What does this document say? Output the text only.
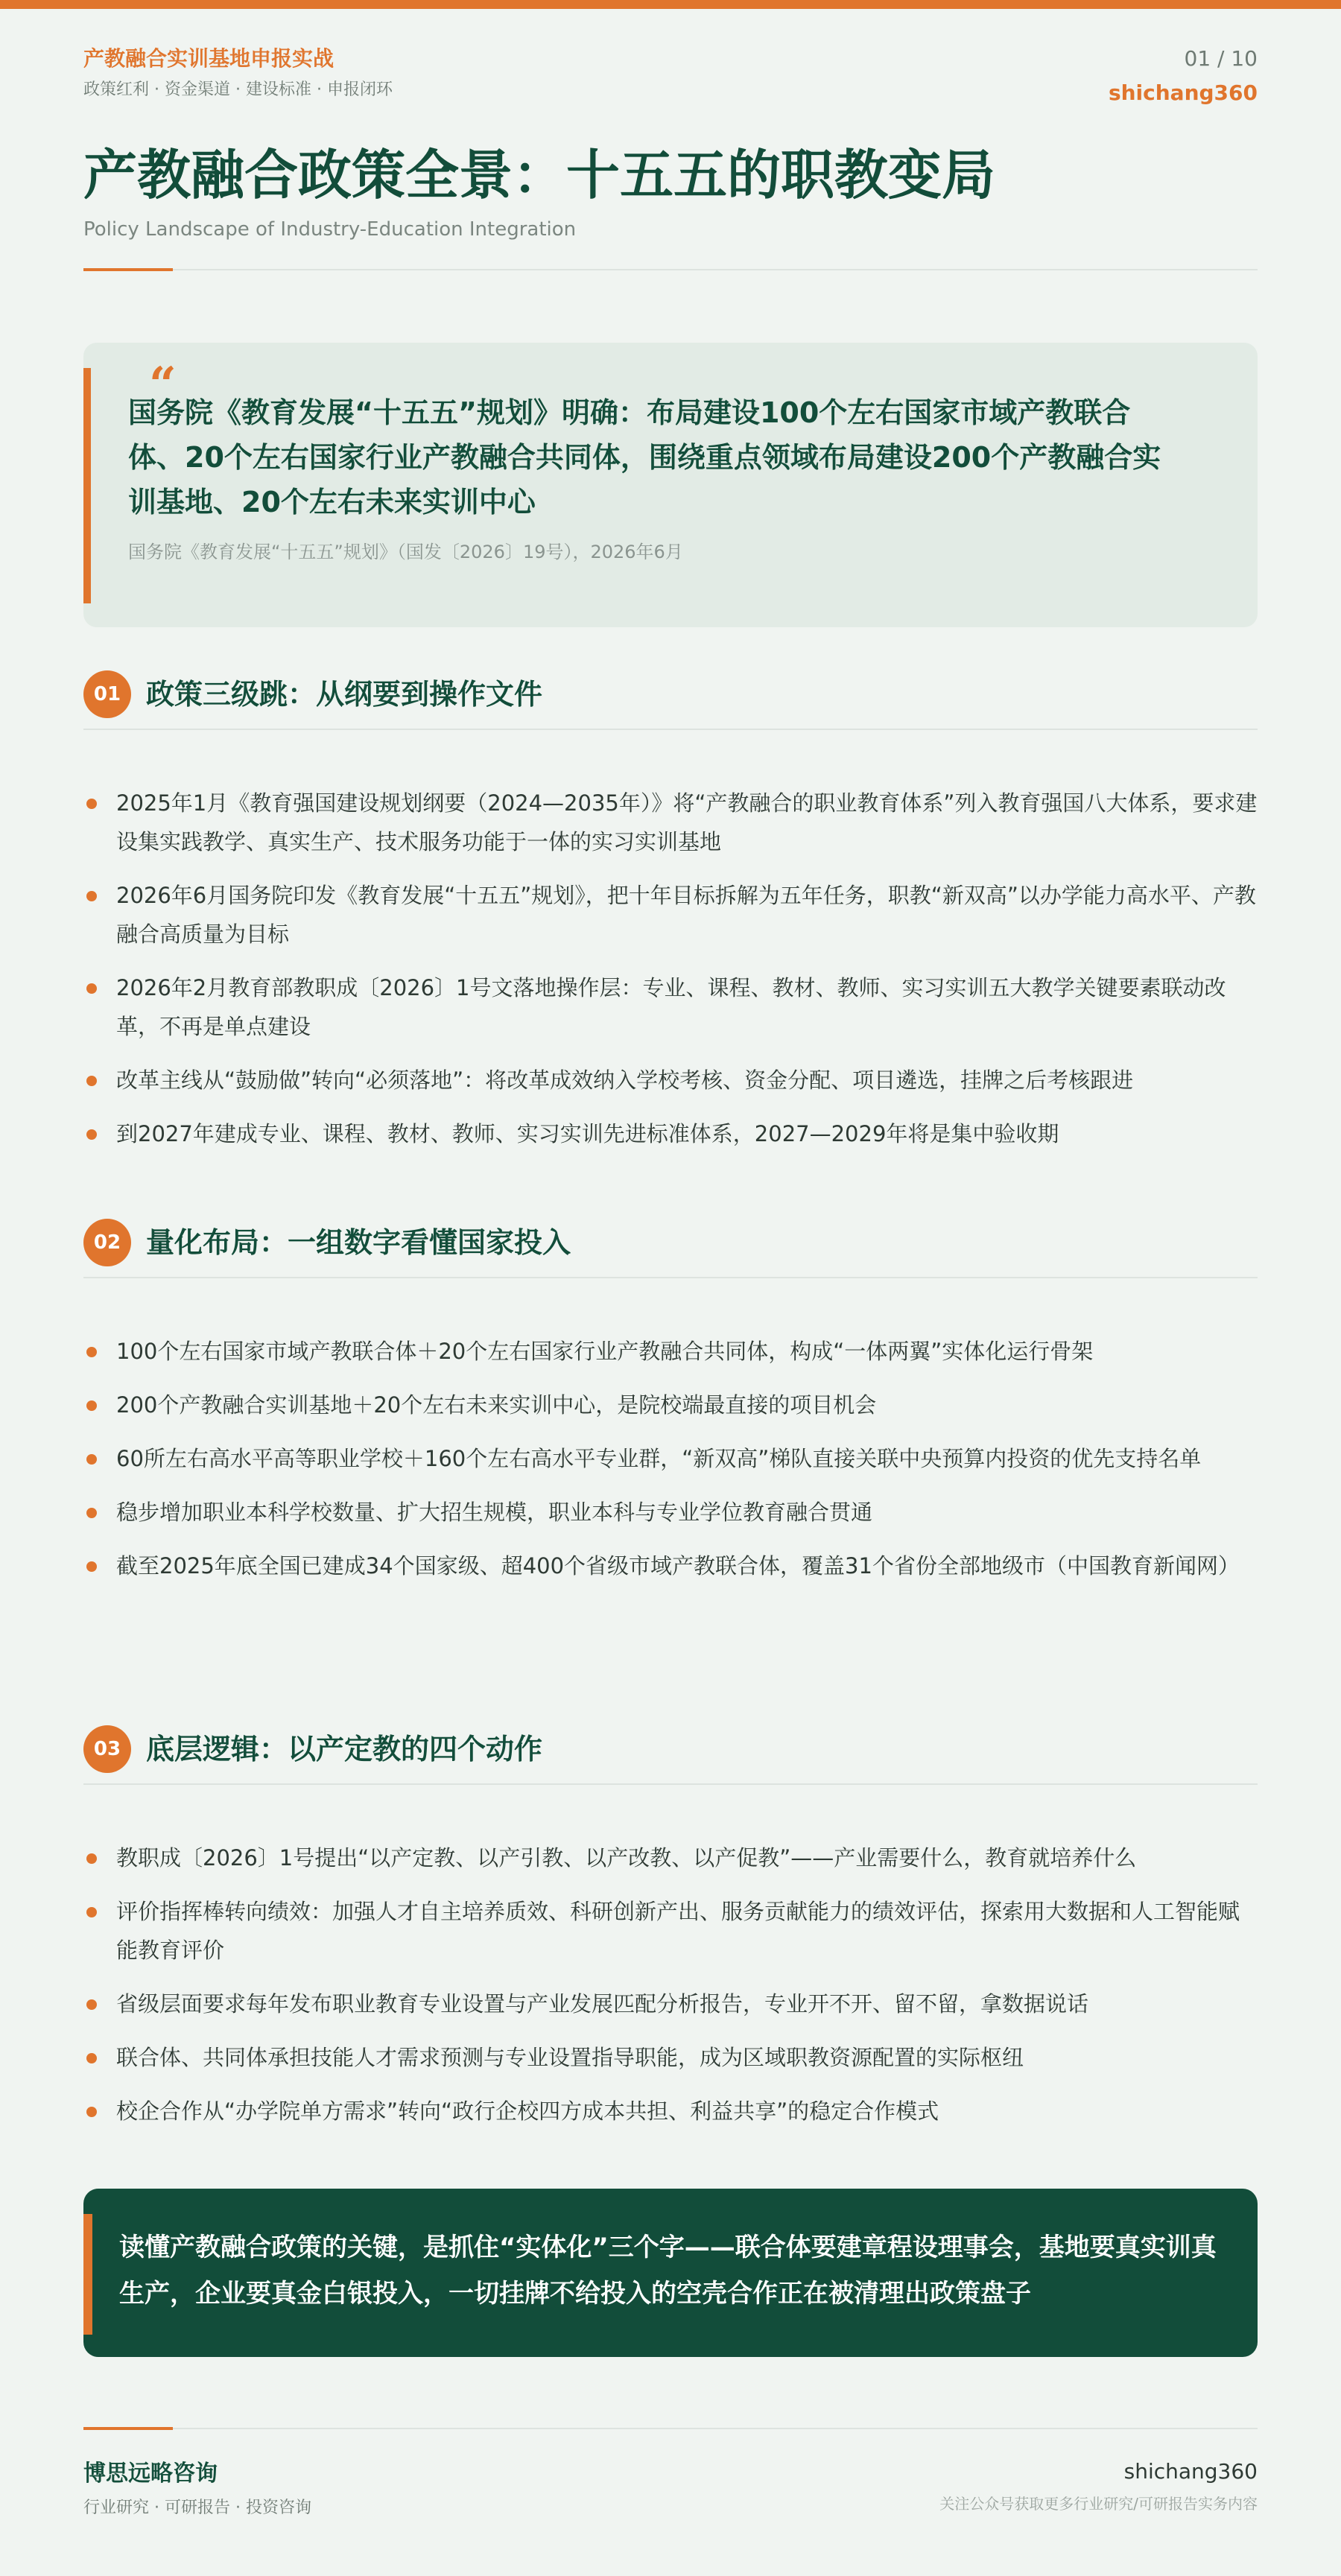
产教融合实训基地申报实战
政策红利 · 资金渠道 · 建设标准 · 申报闭环
01 / 10
shichang360
产教融合政策全景：十五五的职教变局
Policy Landscape of Industry-Education Integration
“
国务院《教育发展“十五五”规划》明确：布局建设100个左右国家市域产教联合体、20个左右国家行业产教融合共同体，围绕重点领域布局建设200个产教融合实训基地、20个左右未来实训中心
国务院《教育发展“十五五”规划》（国发〔2026〕19号），2026年6月
01 政策三级跳：从纲要到操作文件
2025年1月《教育强国建设规划纲要（2024—2035年）》将“产教融合的职业教育体系”列入教育强国八大体系，要求建设集实践教学、真实生产、技术服务功能于一体的实习实训基地
2026年6月国务院印发《教育发展“十五五”规划》，把十年目标拆解为五年任务，职教“新双高”以办学能力高水平、产教融合高质量为目标
2026年2月教育部教职成〔2026〕1号文落地操作层：专业、课程、教材、教师、实习实训五大教学关键要素联动改革，不再是单点建设
改革主线从“鼓励做”转向“必须落地”：将改革成效纳入学校考核、资金分配、项目遴选，挂牌之后考核跟进
到2027年建成专业、课程、教材、教师、实习实训先进标准体系，2027—2029年将是集中验收期
02 量化布局：一组数字看懂国家投入
100个左右国家市域产教联合体＋20个左右国家行业产教融合共同体，构成“一体两翼”实体化运行骨架
200个产教融合实训基地＋20个左右未来实训中心，是院校端最直接的项目机会
60所左右高水平高等职业学校＋160个左右高水平专业群，“新双高”梯队直接关联中央预算内投资的优先支持名单
稳步增加职业本科学校数量、扩大招生规模，职业本科与专业学位教育融合贯通
截至2025年底全国已建成34个国家级、超400个省级市域产教联合体，覆盖31个省份全部地级市（中国教育新闻网）
03 底层逻辑：以产定教的四个动作
教职成〔2026〕1号提出“以产定教、以产引教、以产改教、以产促教”——产业需要什么，教育就培养什么
评价指挥棒转向绩效：加强人才自主培养质效、科研创新产出、服务贡献能力的绩效评估，探索用大数据和人工智能赋能教育评价
省级层面要求每年发布职业教育专业设置与产业发展匹配分析报告，专业开不开、留不留，拿数据说话
联合体、共同体承担技能人才需求预测与专业设置指导职能，成为区域职教资源配置的实际枢纽
校企合作从“办学院单方需求”转向“政行企校四方成本共担、利益共享”的稳定合作模式
读懂产教融合政策的关键，是抓住“实体化”三个字——联合体要建章程设理事会，基地要真实训真生产，企业要真金白银投入，一切挂牌不给投入的空壳合作正在被清理出政策盘子
博思远略咨询
行业研究 · 可研报告 · 投资咨询
shichang360
关注公众号获取更多行业研究/可研报告实务内容
